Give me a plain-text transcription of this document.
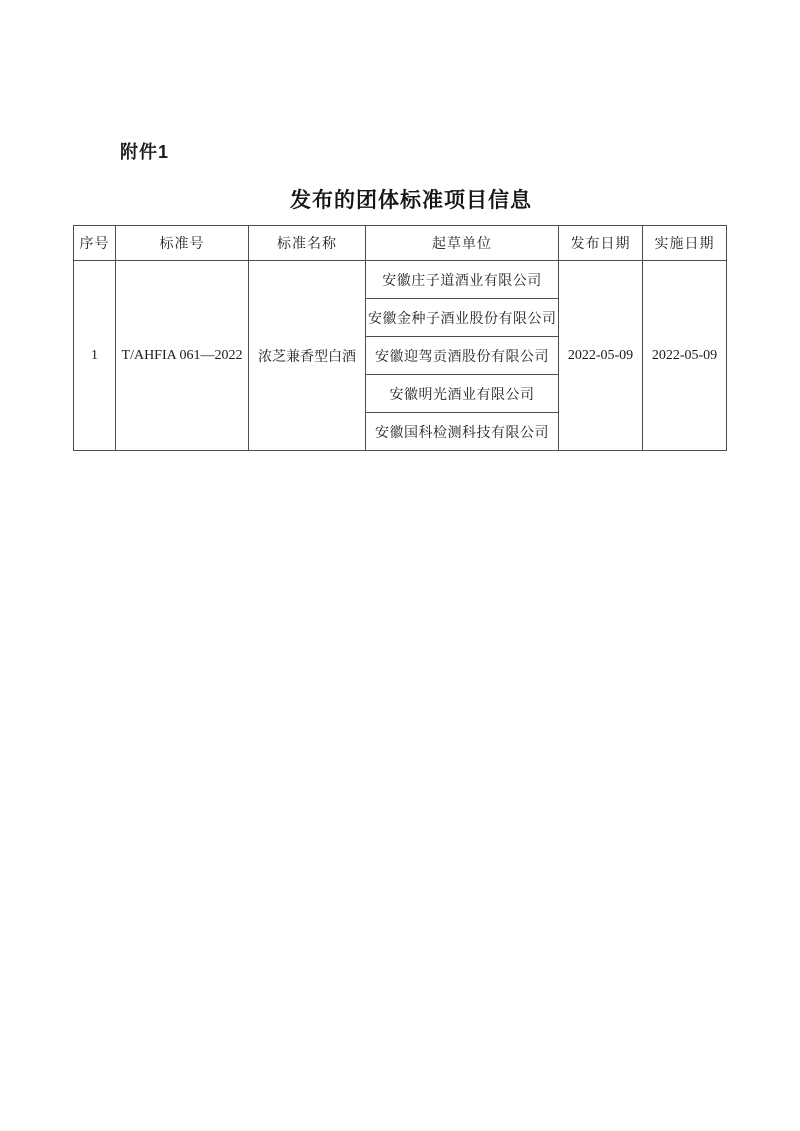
附件1
发布的团体标准项目信息
序号	标准号	标准名称	起草单位	发布日期	实施日期
1	T/AHFIA 061—2022	浓芝兼香型白酒	安徽庄子道酒业有限公司	2022-05-09	2022-05-09
			安徽金种子酒业股份有限公司		
			安徽迎驾贡酒股份有限公司		
			安徽明光酒业有限公司		
			安徽国科检测科技有限公司		
